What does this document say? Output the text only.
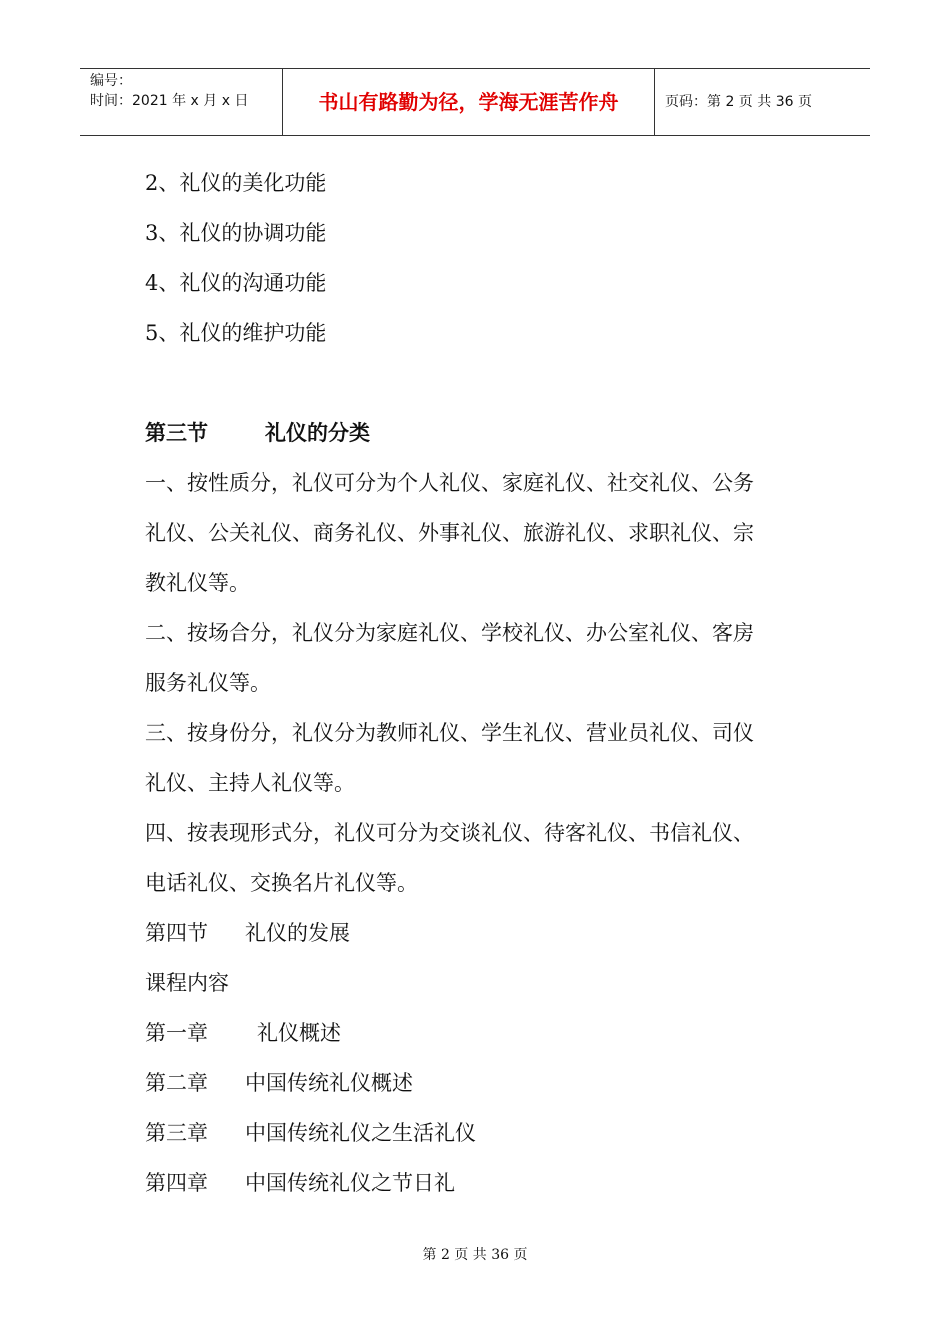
编号：
时间：2021 年 x 月 x 日	书山有路勤为径，学海无涯苦作舟	页码：第 2 页 共 36 页

2、礼仪的美化功能

3、礼仪的协调功能

4、礼仪的沟通功能

5、礼仪的维护功能

第三节	礼仪的分类

一、按性质分，礼仪可分为个人礼仪、家庭礼仪、社交礼仪、公务

礼仪、公关礼仪、商务礼仪、外事礼仪、旅游礼仪、求职礼仪、宗

教礼仪等。

二、按场合分，礼仪分为家庭礼仪、学校礼仪、办公室礼仪、客房

服务礼仪等。

三、按身份分，礼仪分为教师礼仪、学生礼仪、营业员礼仪、司仪

礼仪、主持人礼仪等。

四、按表现形式分，礼仪可分为交谈礼仪、待客礼仪、书信礼仪、

电话礼仪、交换名片礼仪等。

第四节 礼仪的发展

课程内容

第一章 礼仪概述

第二章 中国传统礼仪概述

第三章 中国传统礼仪之生活礼仪

第四章 中国传统礼仪之节日礼

第 2 页 共 36 页
